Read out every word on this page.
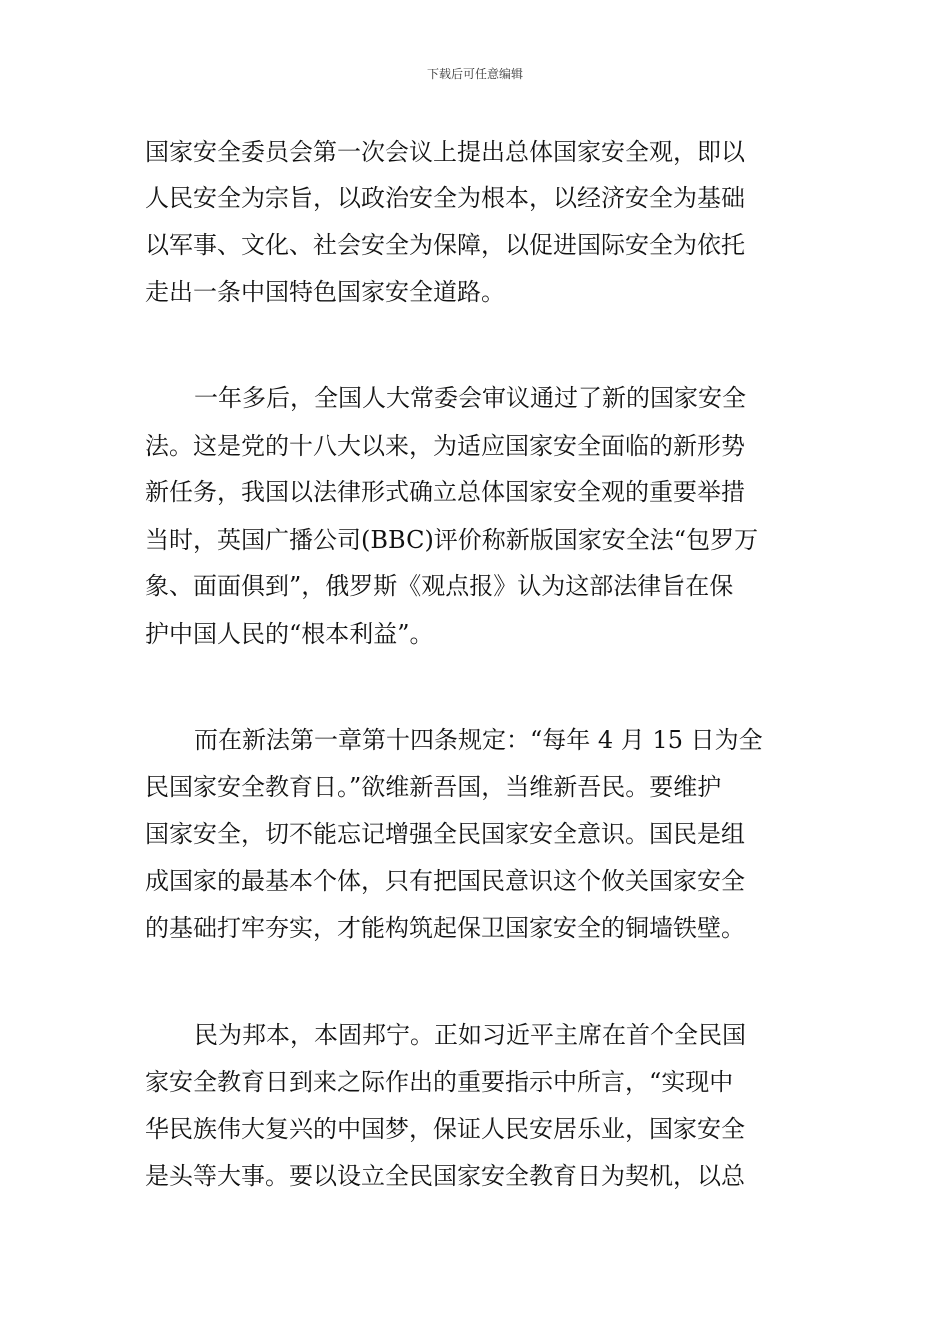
下载后可任意编辑
国家安全委员会第一次会议上提出总体国家安全观，即以
人民安全为宗旨，以政治安全为根本，以经济安全为基础
以军事、文化、社会安全为保障，以促进国际安全为依托
走出一条中国特色国家安全道路。
一年多后，全国人大常委会审议通过了新的国家安全
法。这是党的十八大以来，为适应国家安全面临的新形势
新任务，我国以法律形式确立总体国家安全观的重要举措
当时，英国广播公司(BBC)评价称新版国家安全法“包罗万
象、面面俱到”，俄罗斯《观点报》认为这部法律旨在保
护中国人民的“根本利益”。
而在新法第一章第十四条规定：“每年 4 月 15 日为全
民国家安全教育日。”欲维新吾国，当维新吾民。要维护
国家安全，切不能忘记增强全民国家安全意识。国民是组
成国家的最基本个体，只有把国民意识这个攸关国家安全
的基础打牢夯实，才能构筑起保卫国家安全的铜墙铁壁。
民为邦本，本固邦宁。正如习近平主席在首个全民国
家安全教育日到来之际作出的重要指示中所言，“实现中
华民族伟大复兴的中国梦，保证人民安居乐业，国家安全
是头等大事。要以设立全民国家安全教育日为契机，以总
